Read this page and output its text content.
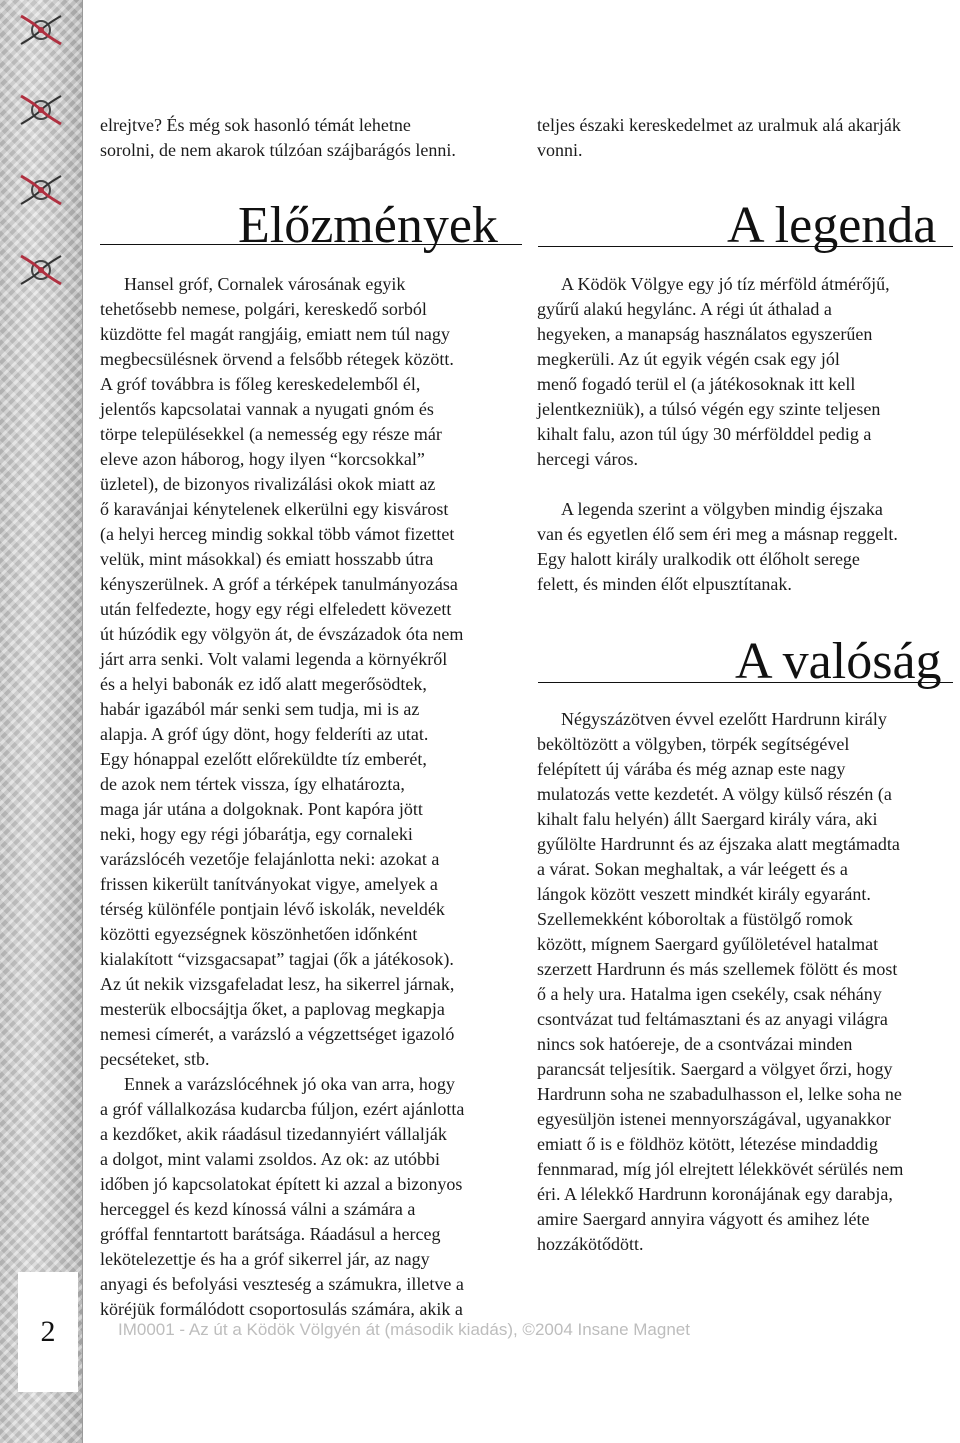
2

elrejtve? És még sok hasonló témát lehetne

sorolni, de nem akarok túlzóan szájbarágós lenni.

Előzmények

Hansel gróf, Cornalek városának egyik

tehetősebb nemese, polgári, kereskedő sorból

küzdötte fel magát rangjáig, emiatt nem túl nagy

megbecsülésnek örvend a felsőbb rétegek között.

A gróf továbbra is főleg kereskedelemből él,

jelentős kapcsolatai vannak a nyugati gnóm és

törpe településekkel (a nemesség egy része már

eleve azon háborog, hogy ilyen “korcsokkal”

üzletel), de bizonyos rivalizálási okok miatt az

ő karavánjai kénytelenek elkerülni egy kisvárost

(a helyi herceg mindig sokkal több vámot fizettet

velük, mint másokkal) és emiatt hosszabb útra

kényszerülnek. A gróf a térképek tanulmányozása

után felfedezte, hogy egy régi elfeledett kövezett

út húzódik egy völgyön át, de évszázadok óta nem

járt arra senki. Volt valami legenda a környékről

és a helyi babonák ez idő alatt megerősödtek,

habár igazából már senki sem tudja, mi is az

alapja. A gróf úgy dönt, hogy felderíti az utat.

Egy hónappal ezelőtt előreküldte tíz emberét,

de azok nem tértek vissza, így elhatározta,

maga jár utána a dolgoknak. Pont kapóra jött

neki, hogy egy régi jóbarátja, egy cornaleki

varázslócéh vezetője felajánlotta neki: azokat a

frissen kikerült tanítványokat vigye, amelyek a

térség különféle pontjain lévő iskolák, neveldék

közötti egyezségnek köszönhetően időnként

kialakított “vizsgacsapat” tagjai (ők a játékosok).

Az út nekik vizsgafeladat lesz, ha sikerrel járnak,

mesterük elbocsájtja őket, a paplovag megkapja

nemesi címerét, a varázsló a végzettséget igazoló

pecséteket, stb.

Ennek a varázslócéhnek jó oka van arra, hogy

a gróf vállalkozása kudarcba fúljon, ezért ajánlotta

a kezdőket, akik ráadásul tizedannyiért vállalják

a dolgot, mint valami zsoldos. Az ok: az utóbbi

időben jó kapcsolatokat épített ki azzal a bizonyos

herceggel és kezd kínossá válni a számára a

gróffal fenntartott barátsága. Ráadásul a herceg

lekötelezettje és ha a gróf sikerrel jár, az nagy

anyagi és befolyási veszteség a számukra, illetve a

köréjük formálódott csoportosulás számára, akik a

teljes északi kereskedelmet az uralmuk alá akarják

vonni.

A legenda

A Ködök Völgye egy jó tíz mérföld átmérőjű,

gyűrű alakú hegylánc. A régi út áthalad a

hegyeken, a manapság használatos egyszerűen

megkerüli. Az út egyik végén csak egy jól

menő fogadó terül el (a játékosoknak itt kell

jelentkezniük), a túlsó végén egy szinte teljesen

kihalt falu, azon túl úgy 30 mérfölddel pedig a

hercegi város.

A legenda szerint a völgyben mindig éjszaka

van és egyetlen élő sem éri meg a másnap reggelt.

Egy halott király uralkodik ott élőholt serege

felett, és minden élőt elpusztítanak.

A valóság

Négyszázötven évvel ezelőtt Hardrunn király

beköltözött a völgyben, törpék segítségével

felépített új várába és még aznap este nagy

mulatozás vette kezdetét. A völgy külső részén (a

kihalt falu helyén) állt Saergard király vára, aki

gyűlölte Hardrunnt és az éjszaka alatt megtámadta

a várat. Sokan meghaltak, a vár leégett és a

lángok között veszett mindkét király egyaránt.

Szellemekként kóboroltak a füstölgő romok

között, mígnem Saergard gyűlöletével hatalmat

szerzett Hardrunn és más szellemek fölött és most

ő a hely ura. Hatalma igen csekély, csak néhány

csontvázat tud feltámasztani és az anyagi világra

nincs sok hatóereje, de a csontvázai minden

parancsát teljesítik. Saergard a völgyet őrzi, hogy

Hardrunn soha ne szabadulhasson el, lelke soha ne

egyesüljön istenei mennyországával, ugyanakkor

emiatt ő is e földhöz kötött, létezése mindaddig

fennmarad, míg jól elrejtett lélekkövét sérülés nem

éri. A lélekkő Hardrunn koronájának egy darabja,

amire Saergard annyira vágyott és amihez léte

hozzákötődött.

IM0001 - Az út a Ködök Völgyén át (második kiadás), ©2004 Insane Magnet
